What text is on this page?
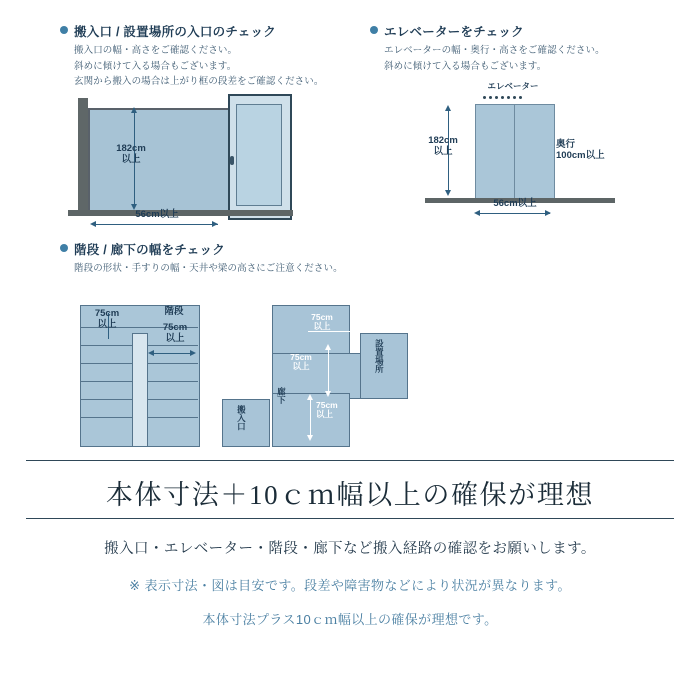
搬入口 / 設置場所の入口のチェック
搬入口の幅・高さをご確認ください。
斜めに傾けて入る場合もございます。
玄関から搬入の場合は上がり框の段差をご確認ください。
182cm
以上
56cm以上
エレベーターをチェック
エレベーターの幅・奥行・高さをご確認ください。
斜めに傾けて入る場合もございます。
エレベーター
182cm
以上
奥行
100cm以上
56cm以上
階段 / 廊下の幅をチェック
階段の形状・手すりの幅・天井や梁の高さにご注意ください。
75cm
以上
階段
75cm
以上
75cm
以上
75cm
以上
75cm
以上
廊下
搬入口
設置場所
本体寸法＋10ｃｍ幅以上の確保が理想
搬入口・エレベーター・階段・廊下など搬入経路の確認をお願いします。
※ 表示寸法・図は目安です。段差や障害物などにより状況が異なります。
本体寸法プラス10ｃｍ幅以上の確保が理想です。
